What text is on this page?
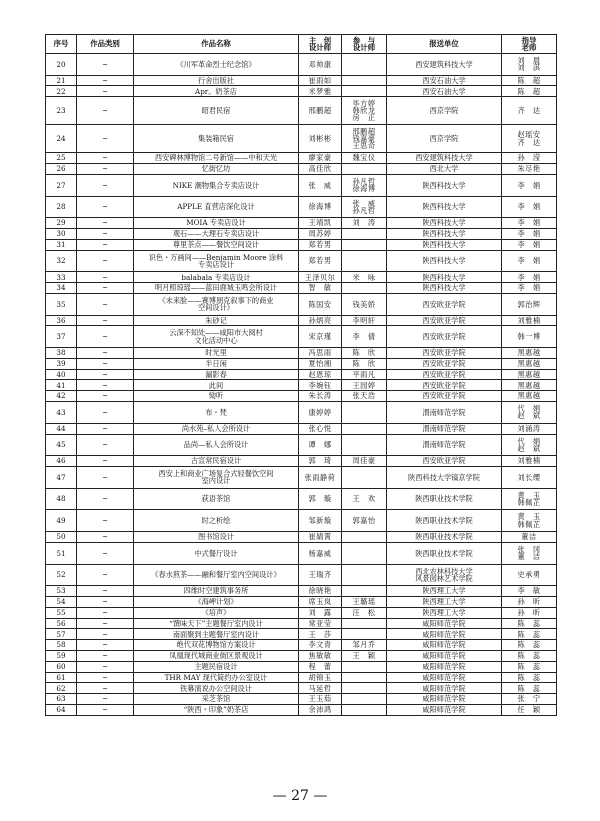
序号	作品类别	作品名称	主　创
设计师	参　与
设计师	报送单位	指导
老师
20	~	《川军革命烈士纪念馆》	邓帅康		西安建筑科技大学	刘　晨
刘　淇
21	~	行舍出版社	崔雨如		西安石油大学	陈　超
22	~	Apr。奶茶店	米梦雅		西安石油大学	陈　超
23	~	昭君民宿	邢鹏超	毕方婷
韩欣龙
房　正	西京学院	齐　达
24	~	集装箱民宿	刘彬彬	邢鹏超
钱嘉豪
王思奇	西京学院	赵瑶安
齐　达
25	~	西安碑林博物馆二号新馆——中和天光	廖家豪	魏宝仪	西安建筑科技大学	孙　滢
26	~	忆街忆坊	高佳欣		西北大学	朱尽艳
27	~	NIKE 潮物集合专卖店设计	张　威	孙凡哲
徐海博	陕西科技大学	李　娟
28	~	APPLE 直营店深化设计	徐海博	张　威
孙凡哲	陕西科技大学	李　娟
29	~	MOIA 专卖店设计	王靖凯	刘　涛	陕西科技大学	李　娟
30	~	观石——大理石专卖店设计	周苏婷		陕西科技大学	李　娟
31	~	尊里茶点——餐饮空间设计	郑若男		陕西科技大学	李　娟
32	~	识色・万画间——Benjamin Moore 涂料
专卖店设计	郑若男		陕西科技大学	李　娟
33	~	balabala 专卖店设计	王泽贝尔	米　咏	陕西科技大学	李　娟
34	~	明月照琼瑶——蓝田鹿城玉鸣会所设计	智　敏		陕西科技大学	李　娟
35	~	《未来脸——赛博朋克叙事下的商业
空间设计》	陈国安	钱美娇	西安欧亚学院	郭治辉
36	~	朱砂记	孙炳亮	李明轩	西安欧亚学院	刘雅楠
37	~	云深不知处——咸阳市大阅村
文化活动中心	宋京瑾	李　倩	西安欧亚学院	韩一博
38	~	时光里	冯思雨	陈　欣	西安欧亚学院	黑惠越
39	~	半日闲	夏怡湘	陈　欣	西安欧亚学院	黑惠越
40	~	漏影春	赵恩琼	平雨凡	西安欧亚学院	黑惠越
41	~	此间	李婉钰	王园婷	西安欧亚学院	黑惠越
42	~	恸听	朱长涛	张天浩	西安欧亚学院	黑惠越
43	~	布・梵	康婷婷		渭南师范学院	代　娟
赵　斌
44	~	尚水苑–私人会所设计	张心悦		渭南师范学院	刘涌涛
45	~	品尚—私人会所设计	谭　娜		渭南师范学院	代　娟
赵　斌
46	~	古宣常民宿设计	郭　琦	周佳豪	西安欧亚学院	刘雅楠
47	~	西安上和商业广场复合式轻餐饮空间
室内设计	张雨静荷		陕西科技大学镐京学院	刘长缨
48	~	荻语茶馆	郭　璇	王　欢	陕西职业技术学院	黄　玉
韩佩芷
49	~	时之析绘	邹新璇	郭嘉怡	陕西职业技术学院	黄　玉
韩佩芷
50	~	图书馆设计	崔婧霄		陕西职业技术学院	董洁
51	~	中式餐厅设计	杨嘉威		陕西职业技术学院	张　冈
董　洁
52	~	《春水煎茶——融和餐厅室内空间设计》	王瑞齐		西北农林科技大学
风景园林艺术学院	史承勇
53	~	四维时空建筑事务所	徐晓艳		陕西理工大学	李　敏
54	~	《海岬计划》	席玉岚	王璐瑶	陕西理工大学	孙　昕
55	~	《培声》	刘　露	汪　松	陕西理工大学	孙　昕
56	~	“馔味天下”主题餐厅室内设计	常亚莹		咸阳师范学院	陈　蕊
57	~	南面聚到主题餐厅室内设计	王　莎		咸阳师范学院	陈　蕊
58	~	绝代双花博物馆方案设计	李文青	邹月乔	咸阳师范学院	陈　蕊
59	~	凤凰现代城商业街区景观设计	焦敏敏	王　颖	咸阳师范学院	陈　蕊
60	~	主题民宿设计	程　蕾		咸阳师范学院	陈　蕊
61	~	THR MAY 现代简约办公室设计	胡锦玉		咸阳师范学院	陈　蕊
62	~	铁幕演说办公空间设计	马延哲		咸阳师范学院	陈　蕊
63	~	采芝茶馆	王玉茹		咸阳师范学院	张　宁
64	~	“陕西・印象”奶茶店	余沛鸿		咸阳师范学院	任　颖
— 27 —
